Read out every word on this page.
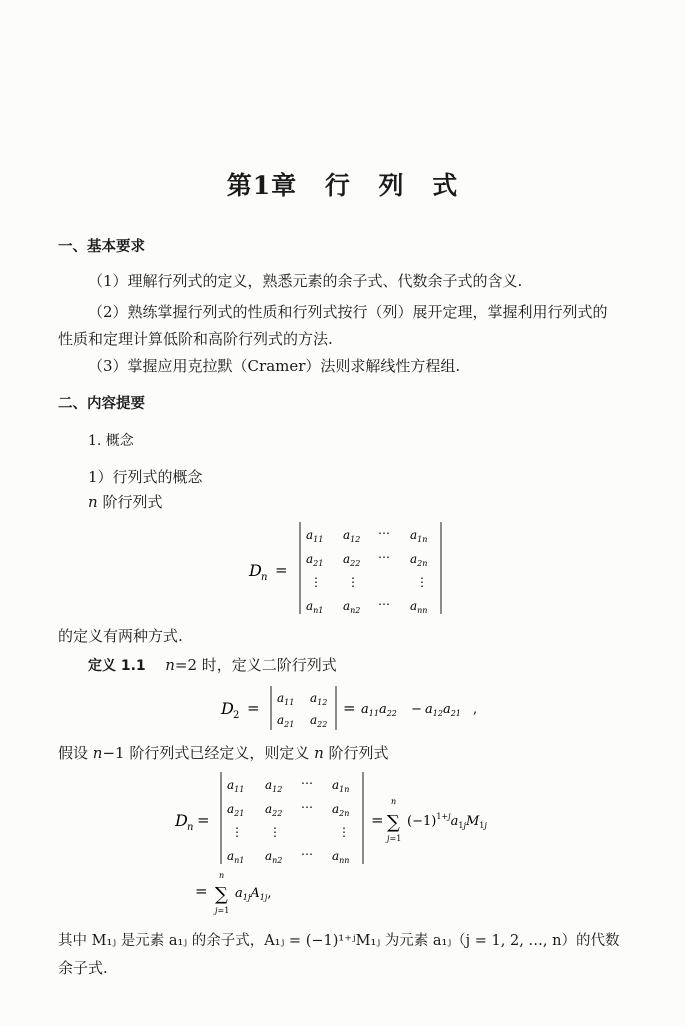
第1章 行 列 式
一、基本要求
（1）理解行列式的定义，熟悉元素的余子式、代数余子式的含义.
（2）熟练掌握行列式的性质和行列式按行（列）展开定理，掌握利用行列式的
性质和定理计算低阶和高阶行列式的方法.
（3）掌握应用克拉默（Cramer）法则求解线性方程组.
二、内容提要
1. 概念
1）行列式的概念
n 阶行列式
D n =
$a_{11}$ $a_{12}$ ⋯ $a_{1n}$
$a_{21}$ $a_{22}$ ⋯ $a_{2n}$
⋮ ⋮	⋮
$a_{n1}$ $a_{n2}$ ⋯ $a_{nn}$
的定义有两种方式.
定义 1.1 n=2 时，定义二阶行列式
D 2 =
$a_{11}$ $a_{12}$
$a_{21}$ $a_{22}$
= $a_{11}a_{22} - a_{12}a_{21}$ ,
假设 n−1 阶行列式已经定义，则定义 n 阶行列式
D n =
$a_{11}$ $a_{12}$ ⋯ $a_{1n}$
$a_{21}$ $a_{22}$ ⋯ $a_{2n}$
⋮ ⋮	⋮
$a_{n1}$ $a_{n2}$ ⋯ $a_{nn}$
=
n
∑
j=1
$(-1)^{1+}ja_1jM_1j$
=
n
∑
j=1
$a_{1j}A_{1j}$,
其中 M₁ⱼ 是元素 a₁ⱼ 的余子式，A₁ⱼ = (−1)¹⁺ʲM₁ⱼ 为元素 a₁ⱼ（j = 1, 2, …, n）的代数
余子式.
